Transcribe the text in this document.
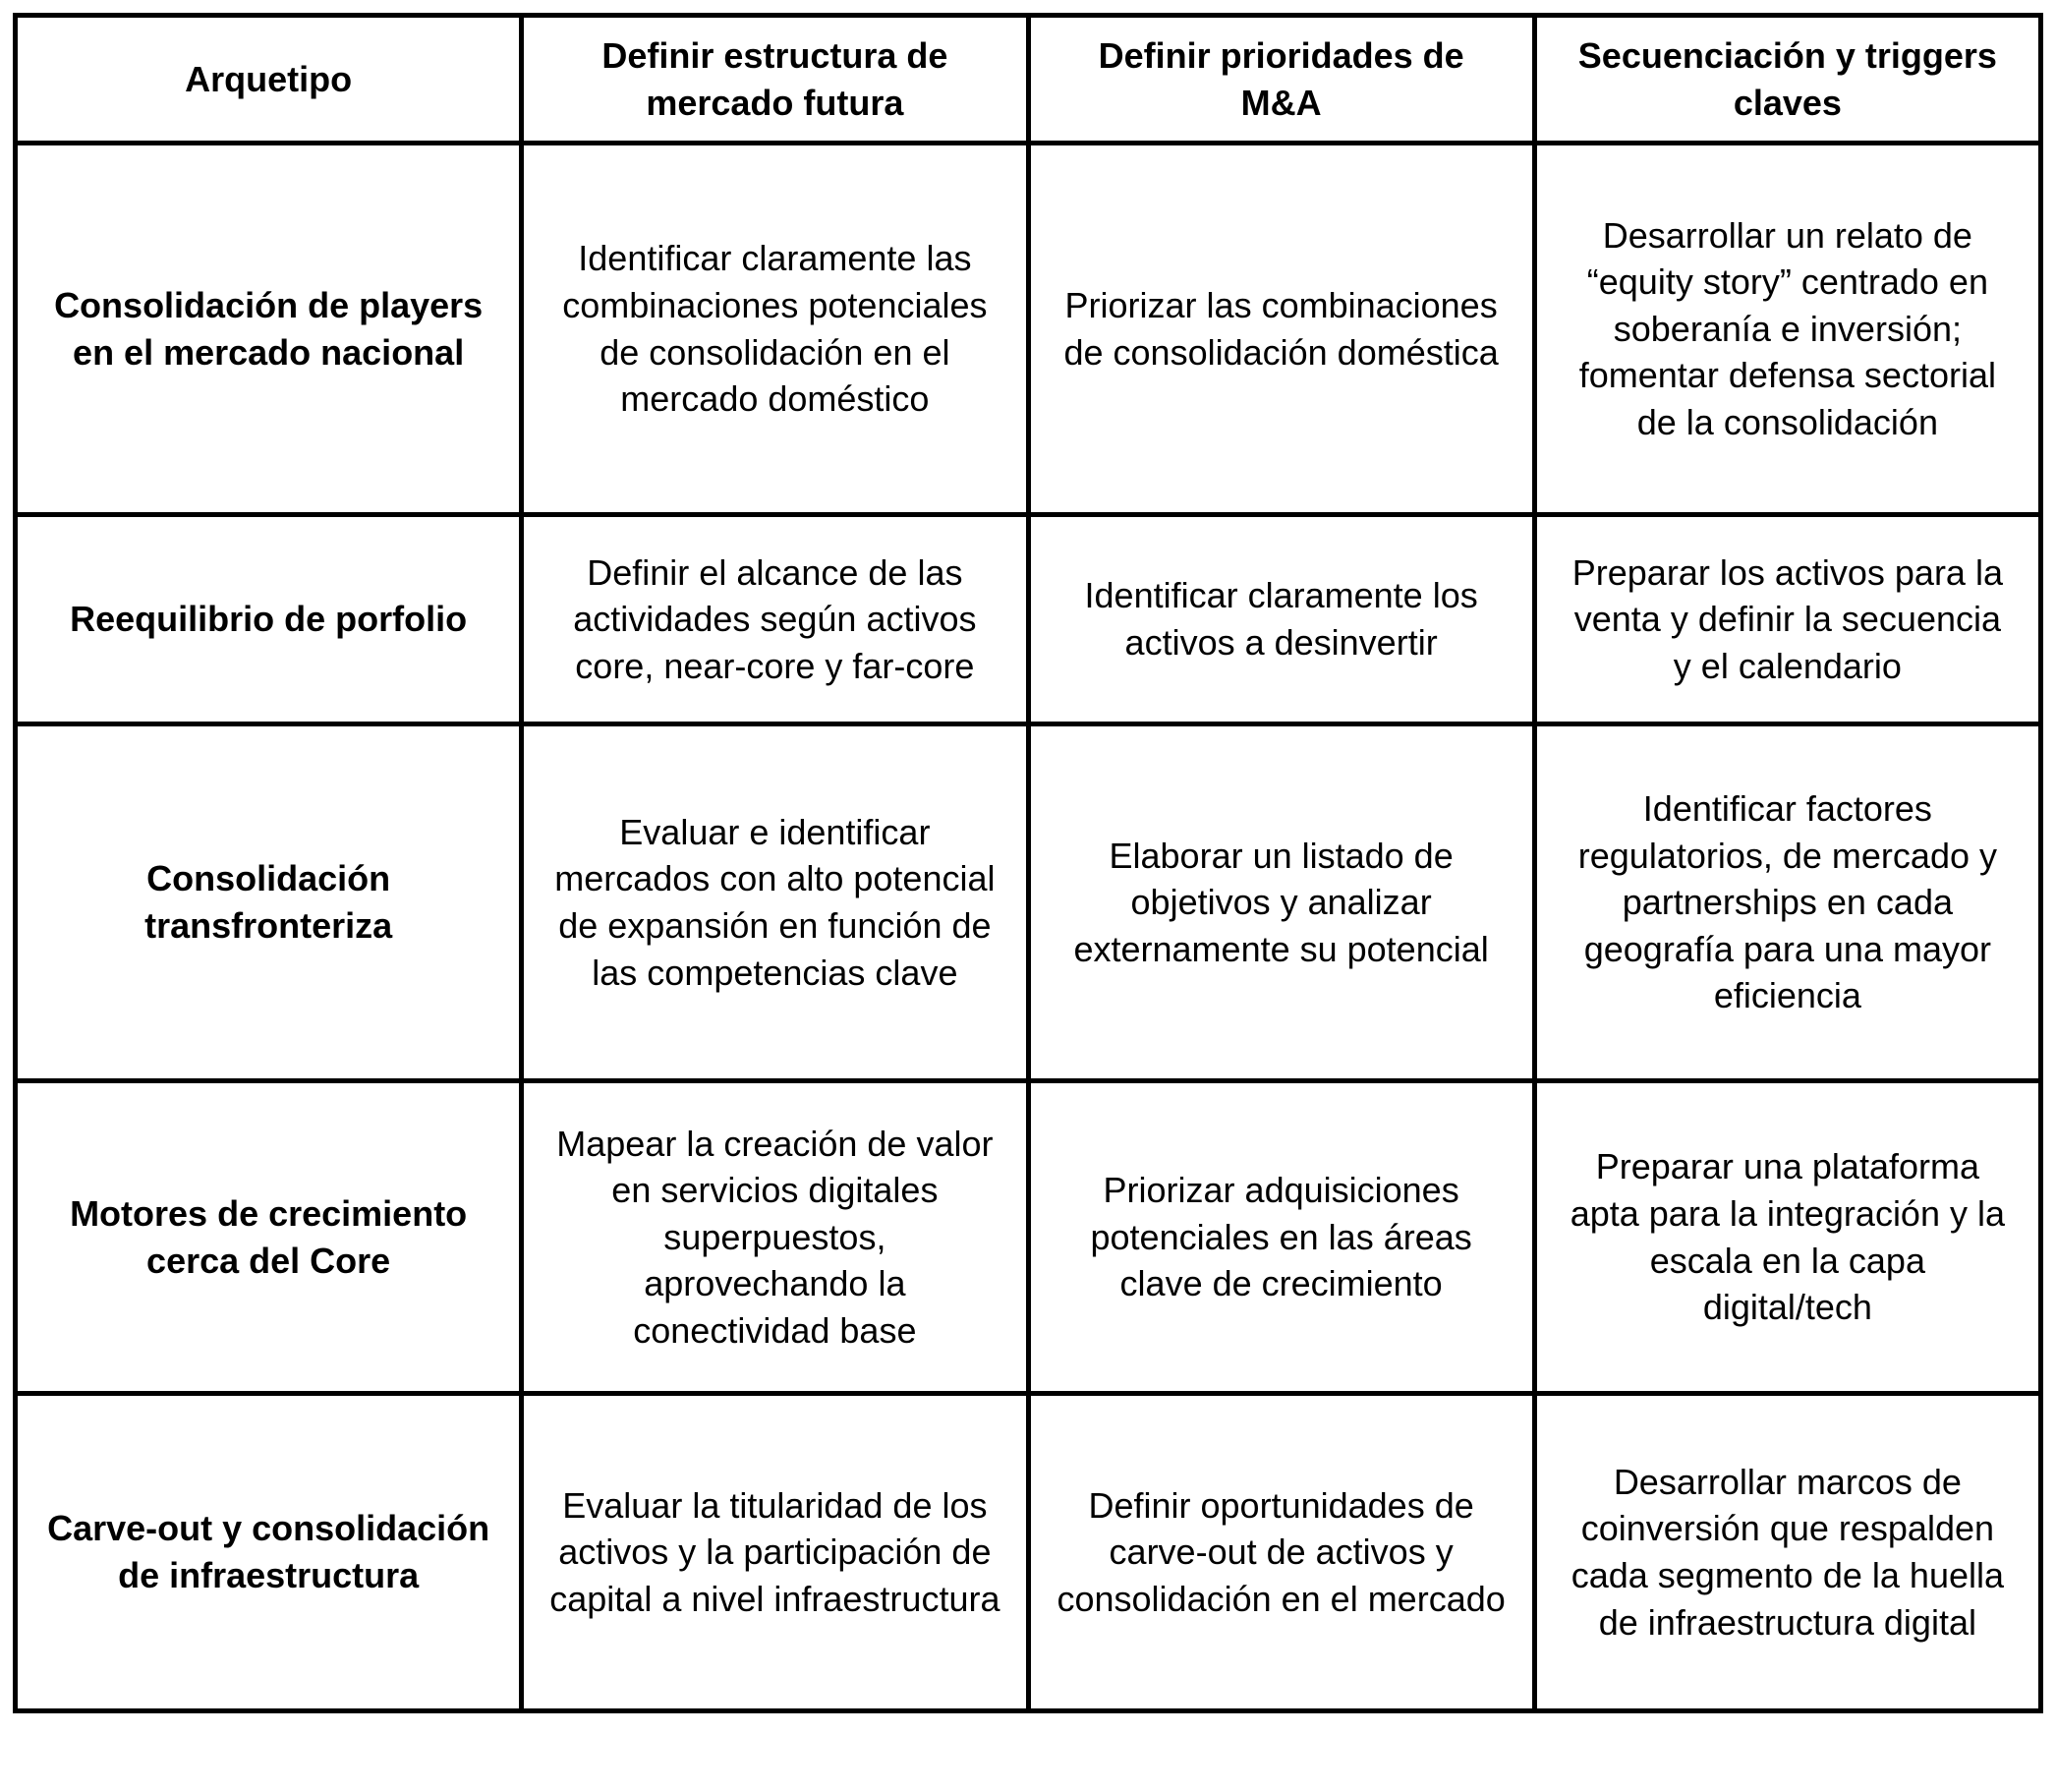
Arquetipo	Definir estructura de mercado futura	Definir prioridades de M&A	Secuenciación y triggers claves
Consolidación de players en el mercado nacional	Identificar claramente las combinaciones potenciales de consolidación en el mercado doméstico	Priorizar las combinaciones de consolidación doméstica	Desarrollar un relato de “equity story” centrado en soberanía e inversión; fomentar defensa sectorial de la consolidación
Reequilibrio de porfolio	Definir el alcance de las actividades según activos core, near-core y far-core	Identificar claramente los activos a desinvertir	Preparar los activos para la venta y definir la secuencia y el calendario
Consolidación transfronteriza	Evaluar e identificar mercados con alto potencial de expansión en función de las competencias clave	Elaborar un listado de objetivos y analizar externamente su potencial	Identificar factores regulatorios, de mercado y partnerships en cada geografía para una mayor eficiencia
Motores de crecimiento cerca del Core	Mapear la creación de valor en servicios digitales superpuestos, aprovechando la conectividad base	Priorizar adquisiciones potenciales en las áreas clave de crecimiento	Preparar una plataforma apta para la integración y la escala en la capa digital/tech
Carve-out y consolidación de infraestructura	Evaluar la titularidad de los activos y la participación de capital a nivel infraestructura	Definir oportunidades de carve-out de activos y consolidación en el mercado	Desarrollar marcos de coinversión que respalden cada segmento de la huella de infraestructura digital
